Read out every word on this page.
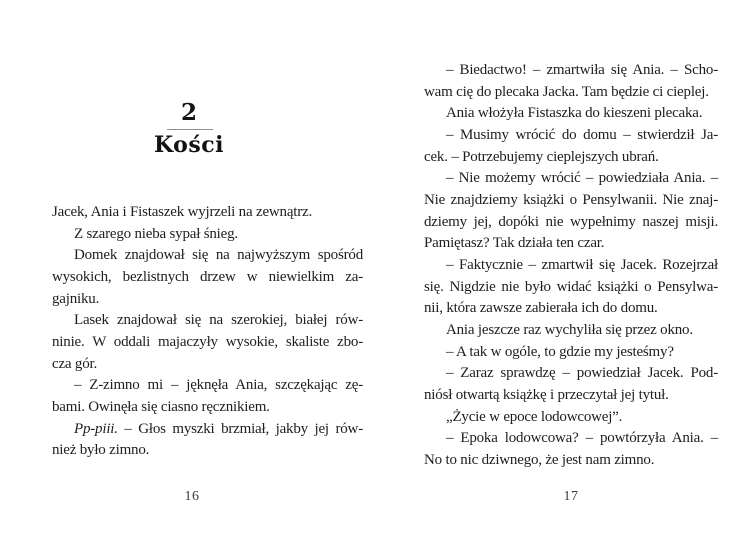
2
Kości
Jacek, Ania i Fistaszek wyjrzeli na zewnątrz.
Z szarego nieba sypał śnieg.
Domek znajdował się na najwyższym spośród
wysokich, bezlistnych drzew w niewielkim za-
gajniku.
Lasek znajdował się na szerokiej, białej rów-
ninie. W oddali majaczyły wysokie, skaliste zbo-
cza gór.
– Z-zimno mi – jęknęła Ania, szczękając zę-
bami. Owinęła się ciasno ręcznikiem.
Pp-piii. – Głos myszki brzmiał, jakby jej rów-
nież było zimno.
16
– Biedactwo! – zmartwiła się Ania. – Scho-
wam cię do plecaka Jacka. Tam będzie ci cieplej.
Ania włożyła Fistaszka do kieszeni plecaka.
– Musimy wrócić do domu – stwierdził Ja-
cek. – Potrzebujemy cieplejszych ubrań.
– Nie możemy wrócić – powiedziała Ania. –
Nie znajdziemy książki o Pensylwanii. Nie znaj-
dziemy jej, dopóki nie wypełnimy naszej misji.
Pamiętasz? Tak działa ten czar.
– Faktycznie – zmartwił się Jacek. Rozejrzał
się. Nigdzie nie było widać książki o Pensylwa-
nii, która zawsze zabierała ich do domu.
Ania jeszcze raz wychyliła się przez okno.
– A tak w ogóle, to gdzie my jesteśmy?
– Zaraz sprawdzę – powiedział Jacek. Pod-
niósł otwartą książkę i przeczytał jej tytuł.
„Życie w epoce lodowcowej”.
– Epoka lodowcowa? – powtórzyła Ania. –
No to nic dziwnego, że jest nam zimno.
17
